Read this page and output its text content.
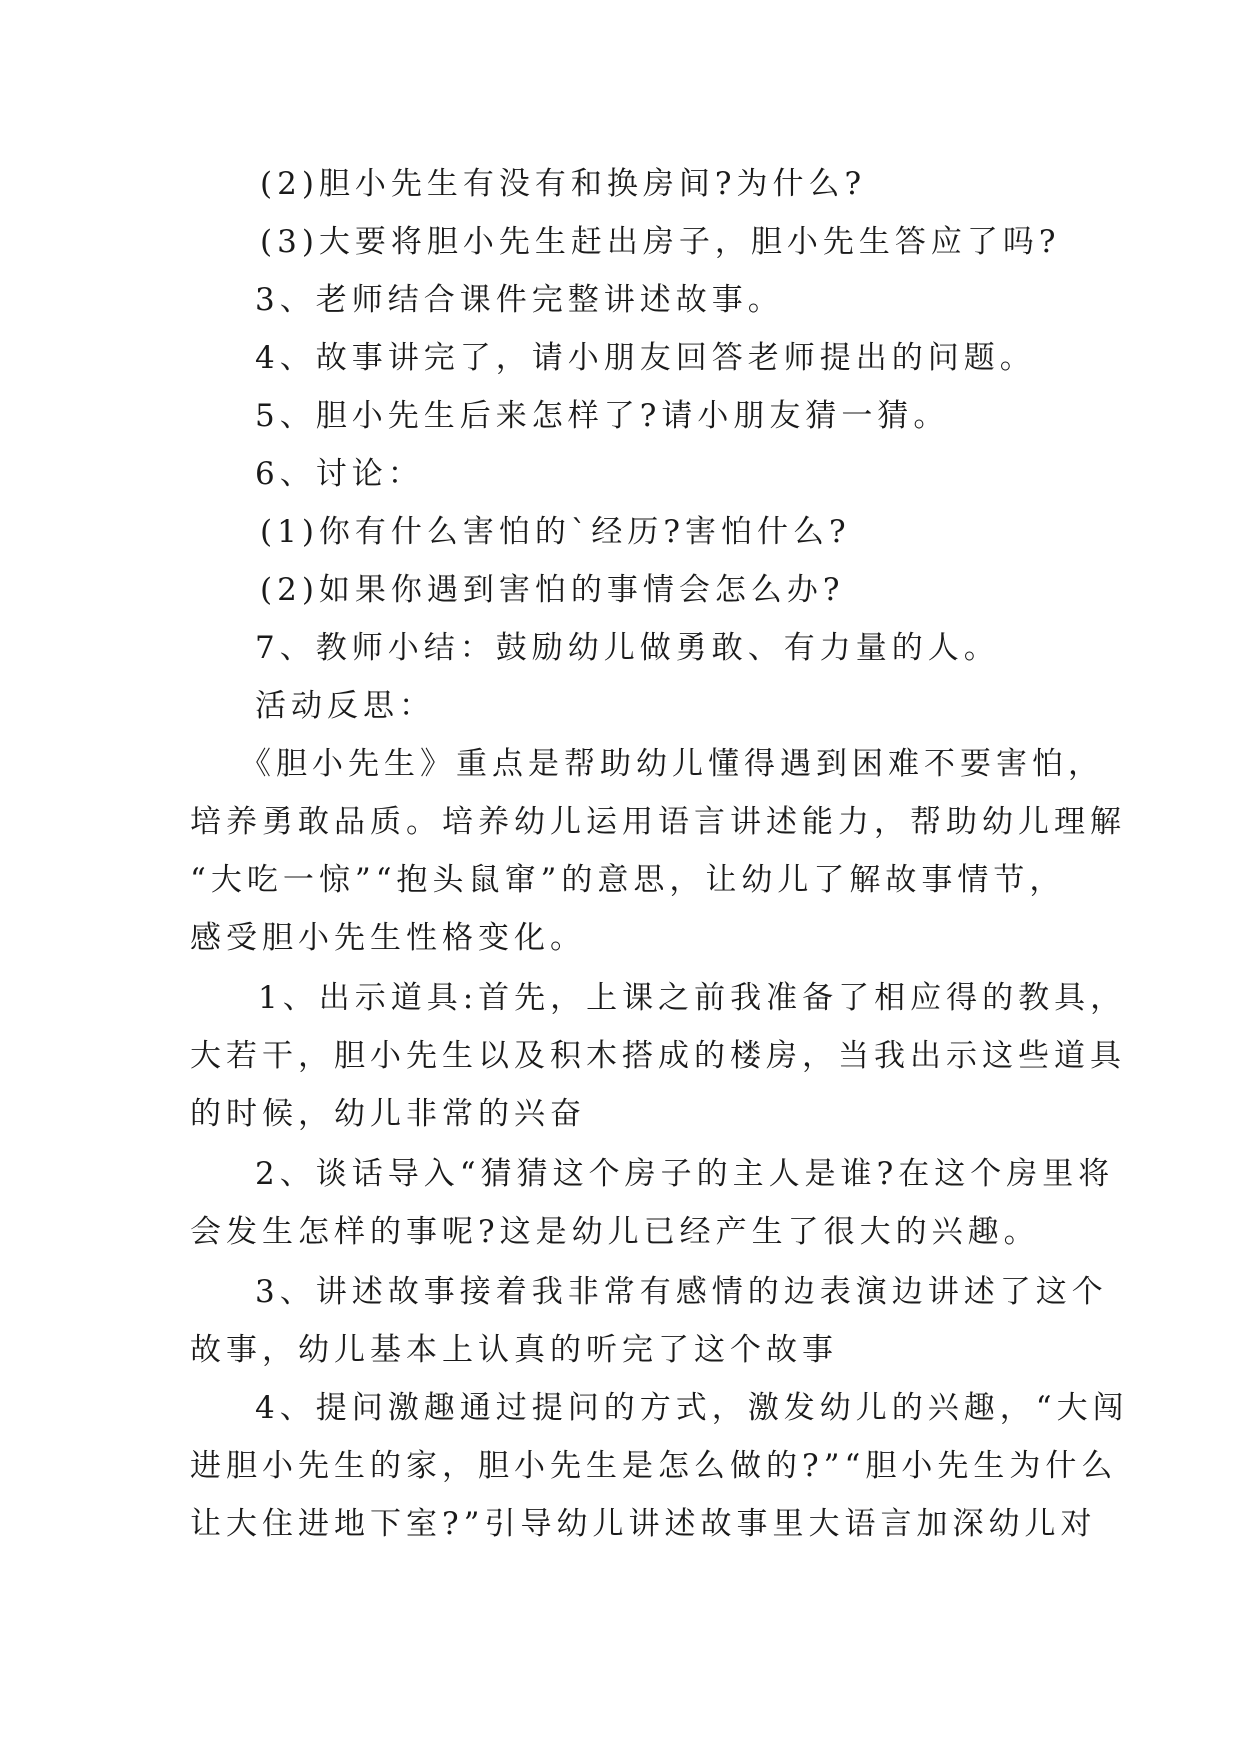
(2)胆小先生有没有和换房间?为什么?
(3)大要将胆小先生赶出房子，胆小先生答应了吗?
3、老师结合课件完整讲述故事。
4、故事讲完了，请小朋友回答老师提出的问题。
5、胆小先生后来怎样了?请小朋友猜一猜。
6、讨论：
(1)你有什么害怕的`经历?害怕什么?
(2)如果你遇到害怕的事情会怎么办?
7、教师小结：鼓励幼儿做勇敢、有力量的人。
活动反思：
《胆小先生》重点是帮助幼儿懂得遇到困难不要害怕，
培养勇敢品质。培养幼儿运用语言讲述能力，帮助幼儿理解
“大吃一惊”“抱头鼠窜”的意思，让幼儿了解故事情节，
感受胆小先生性格变化。
1、出示道具:首先，上课之前我准备了相应得的教具，
大若干，胆小先生以及积木搭成的楼房，当我出示这些道具
的时候，幼儿非常的兴奋
2、谈话导入“猜猜这个房子的主人是谁?在这个房里将
会发生怎样的事呢?这是幼儿已经产生了很大的兴趣。
3、讲述故事接着我非常有感情的边表演边讲述了这个
故事，幼儿基本上认真的听完了这个故事
4、提问激趣通过提问的方式，激发幼儿的兴趣，“大闯
进胆小先生的家，胆小先生是怎么做的?”“胆小先生为什么
让大住进地下室?”引导幼儿讲述故事里大语言加深幼儿对
